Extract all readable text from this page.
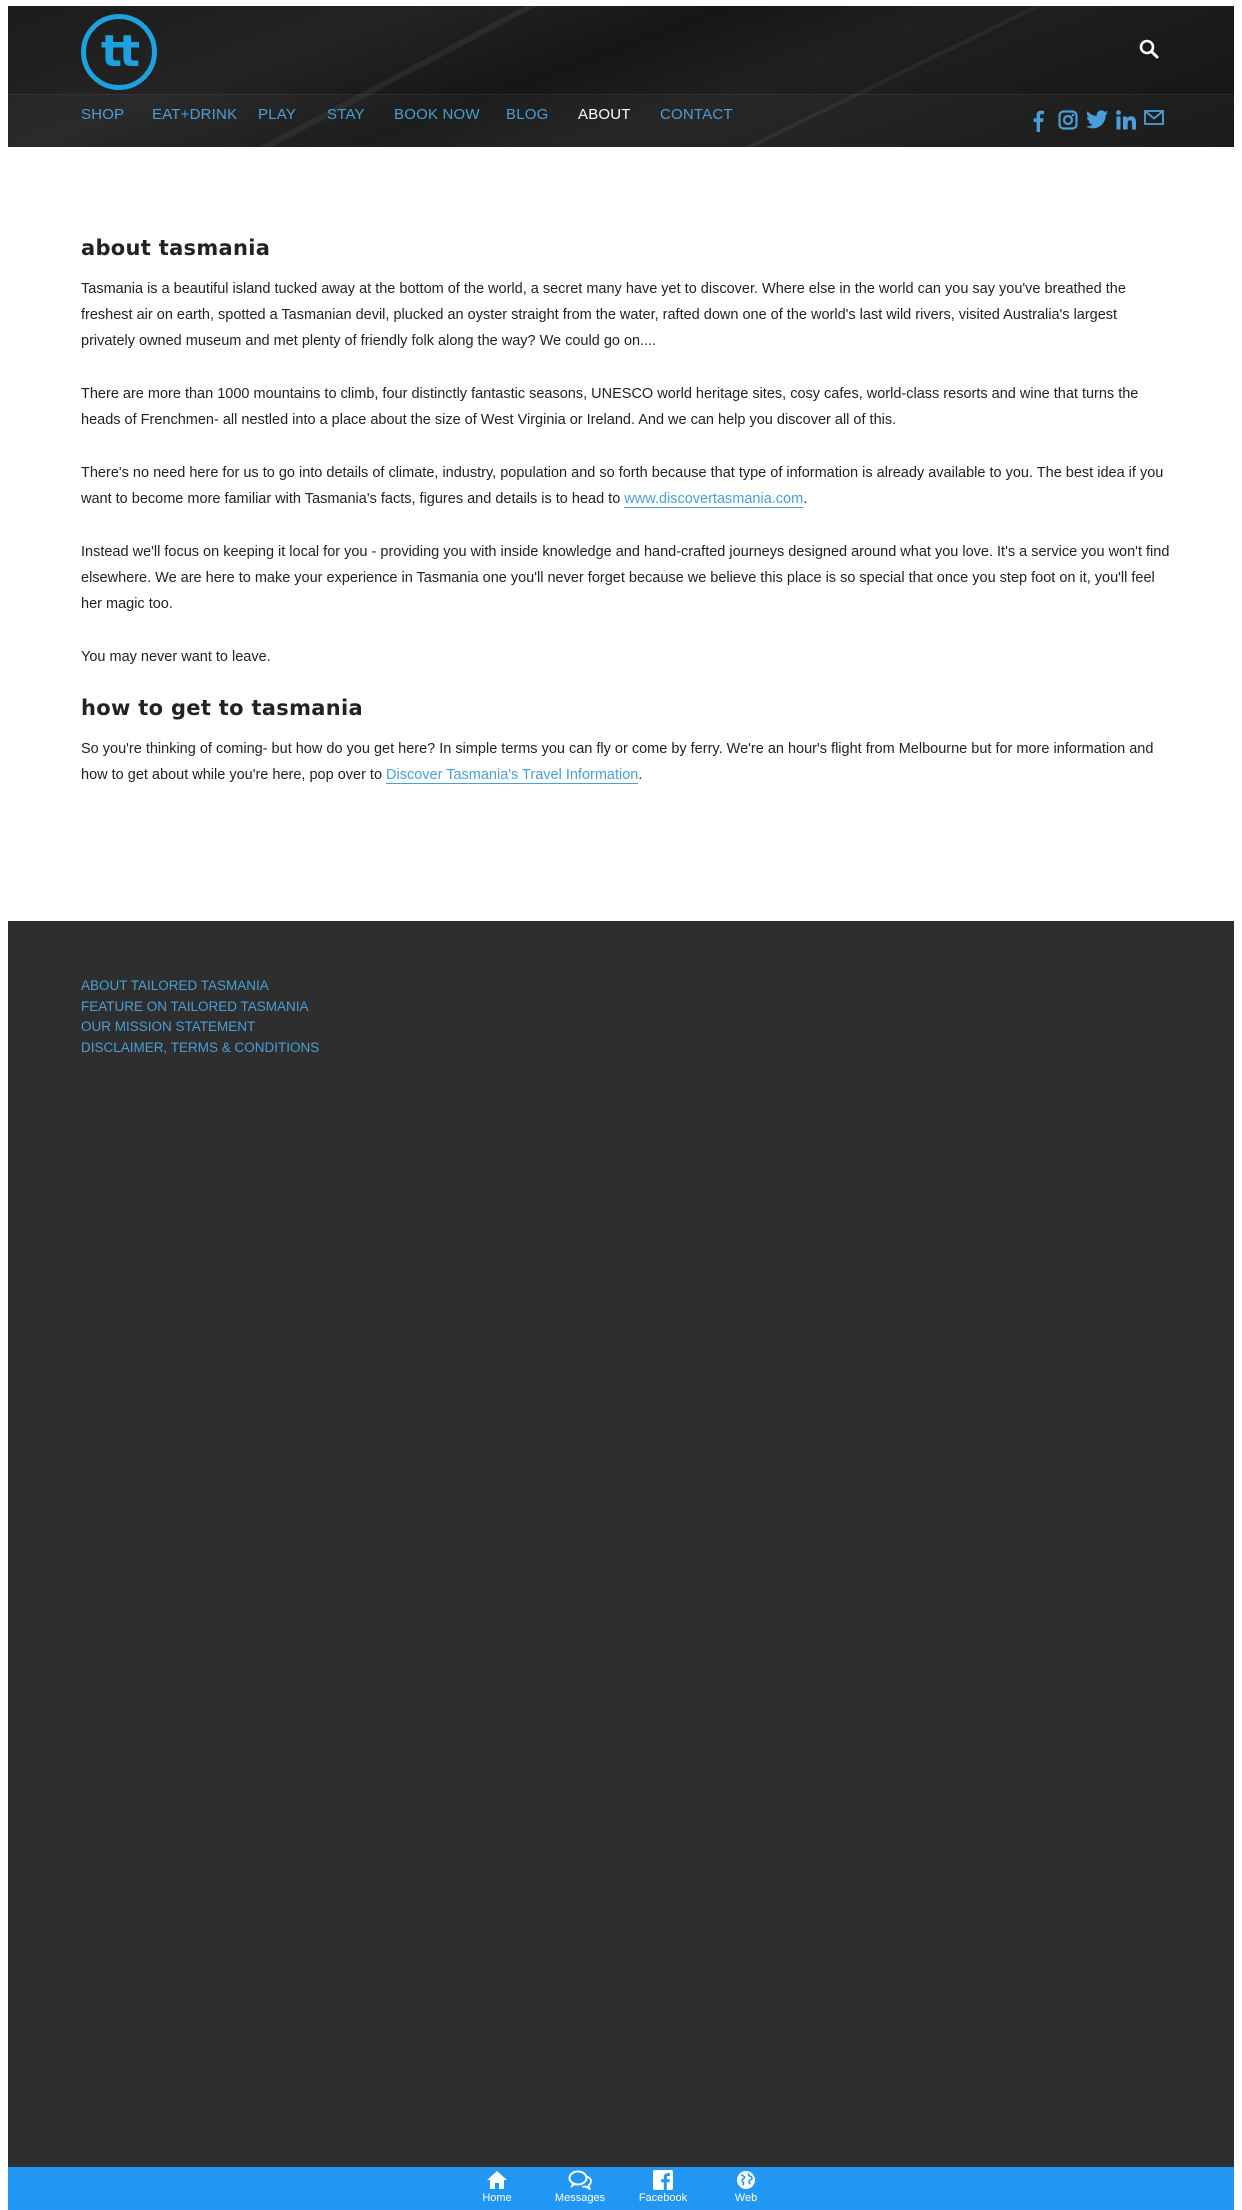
tt
SHOP EAT+DRINK PLAY STAY BOOK NOW BLOG ABOUT CONTACT
about tasmania

Tasmania is a beautiful island tucked away at the bottom of the world, a secret many have yet to discover. Where else in the world can you say you've breathed the freshest air on earth, spotted a Tasmanian devil, plucked an oyster straight from the water, rafted down one of the world's last wild rivers, visited Australia's largest privately owned museum and met plenty of friendly folk along the way? We could go on....

There are more than 1000 mountains to climb, four distinctly fantastic seasons, UNESCO world heritage sites, cosy cafes, world-class resorts and wine that turns the heads of Frenchmen- all nestled into a place about the size of West Virginia or Ireland. And we can help you discover all of this.

There's no need here for us to go into details of climate, industry, population and so forth because that type of information is already available to you. The best idea if you want to become more familiar with Tasmania's facts, figures and details is to head to www.discovertasmania.com.

Instead we'll focus on keeping it local for you - providing you with inside knowledge and hand-crafted journeys designed around what you love. It's a service you won't find elsewhere. We are here to make your experience in Tasmania one you'll never forget because we believe this place is so special that once you step foot on it, you'll feel her magic too.

You may never want to leave.

how to get to tasmania

So you're thinking of coming- but how do you get here? In simple terms you can fly or come by ferry. We're an hour's flight from Melbourne but for more information and how to get about while you're here, pop over to Discover Tasmania's Travel Information.

ABOUT TAILORED TASMANIA
FEATURE ON TAILORED TASMANIA
OUR MISSION STATEMENT
DISCLAIMER, TERMS & CONDITIONS
Home	Messages	Facebook	Web
